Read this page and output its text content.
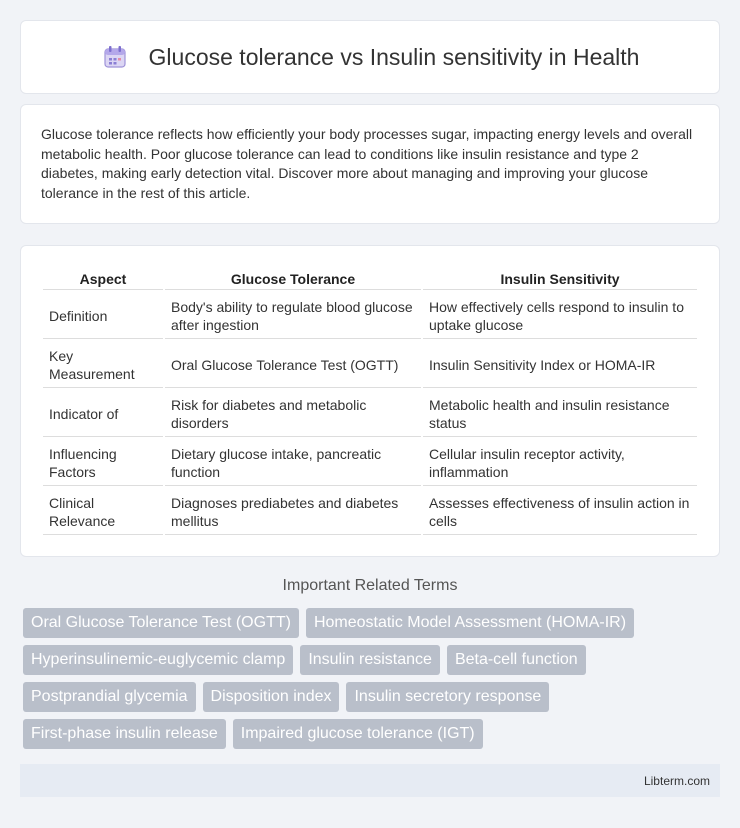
Glucose tolerance vs Insulin sensitivity in Health

Glucose tolerance reflects how efficiently your body processes sugar, impacting energy levels and overall metabolic health. Poor glucose tolerance can lead to conditions like insulin resistance and type 2 diabetes, making early detection vital. Discover more about managing and improving your glucose tolerance in the rest of this article.

Aspect	Glucose Tolerance	Insulin Sensitivity
Definition	Body's ability to regulate blood glucose after ingestion	How effectively cells respond to insulin to uptake glucose
Key Measurement	Oral Glucose Tolerance Test (OGTT)	Insulin Sensitivity Index or HOMA-IR
Indicator of	Risk for diabetes and metabolic disorders	Metabolic health and insulin resistance status
Influencing Factors	Dietary glucose intake, pancreatic function	Cellular insulin receptor activity, inflammation
Clinical Relevance	Diagnoses prediabetes and diabetes mellitus	Assesses effectiveness of insulin action in cells
Important Related Terms
Oral Glucose Tolerance Test (OGTT)	Homeostatic Model Assessment (HOMA-IR)
Hyperinsulinemic-euglycemic clamp	Insulin resistance	Beta-cell function
Postprandial glycemia	Disposition index	Insulin secretory response
First-phase insulin release	Impaired glucose tolerance (IGT)
Libterm.com
